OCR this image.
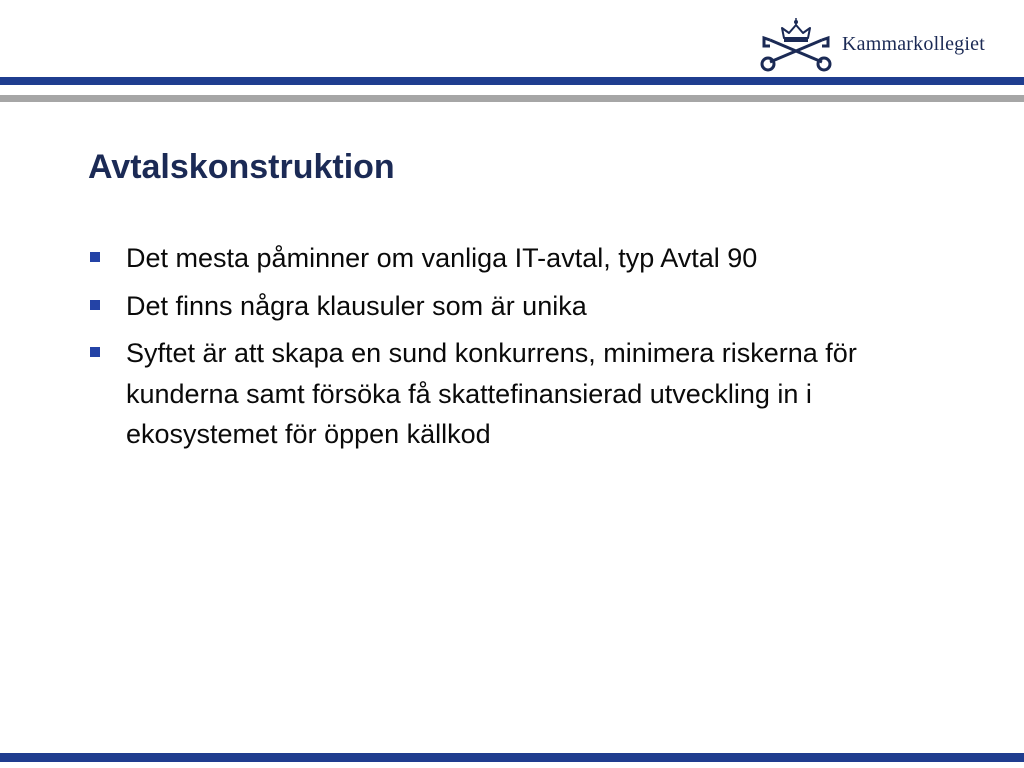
Kammarkollegiet
Avtalskonstruktion
Det mesta påminner om vanliga IT-avtal, typ Avtal 90
Det finns några klausuler som är unika
Syftet är att skapa en sund konkurrens, minimera riskerna för kunderna samt försöka få skattefinansierad utveckling in i ekosystemet för öppen källkod
